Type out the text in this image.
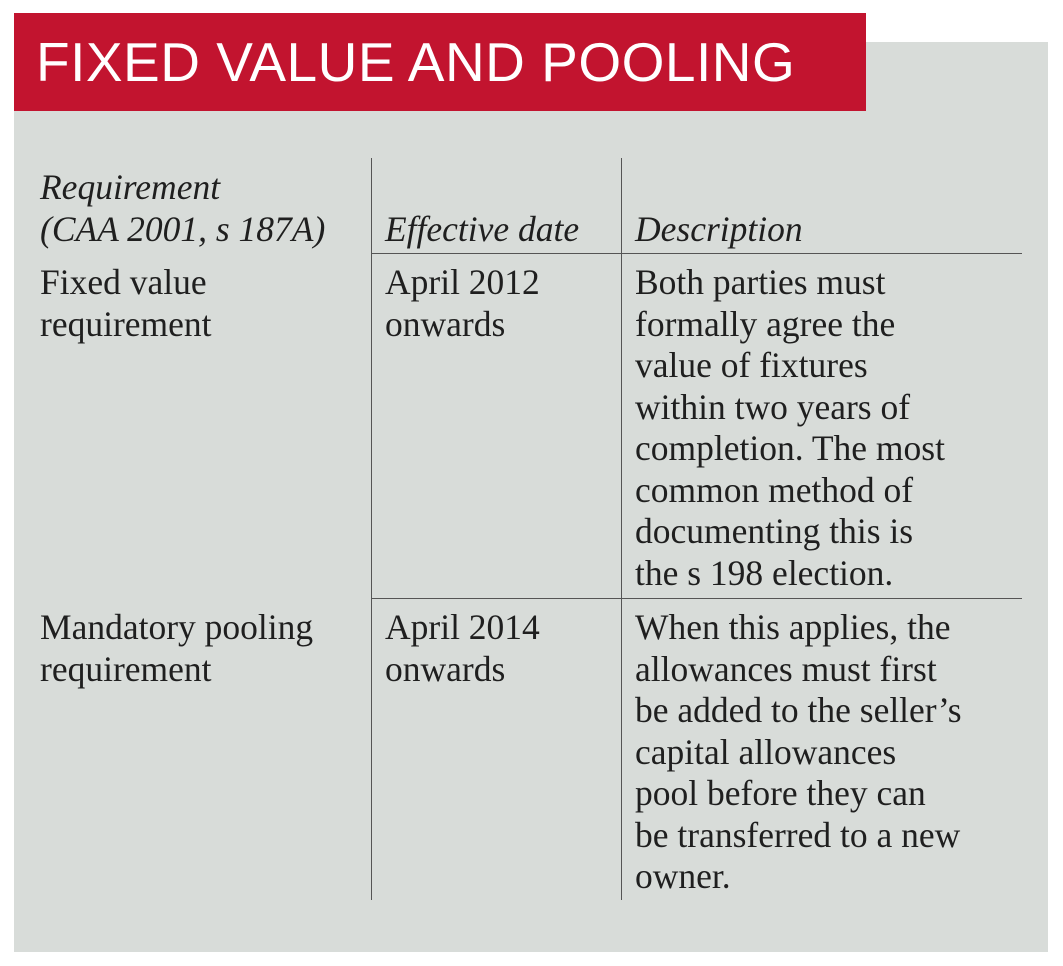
FIXED VALUE AND POOLING
Requirement
(CAA 2001, s 187A) Effective date Description
Fixed value
requirement
April 2012
onwards
Both parties must
formally agree the
value of fixtures
within two years of
completion. The most
common method of
documenting this is
the s 198 election.
Mandatory pooling
requirement
April 2014
onwards
When this applies, the
allowances must first
be added to the seller’s
capital allowances
pool before they can
be transferred to a new
owner.
